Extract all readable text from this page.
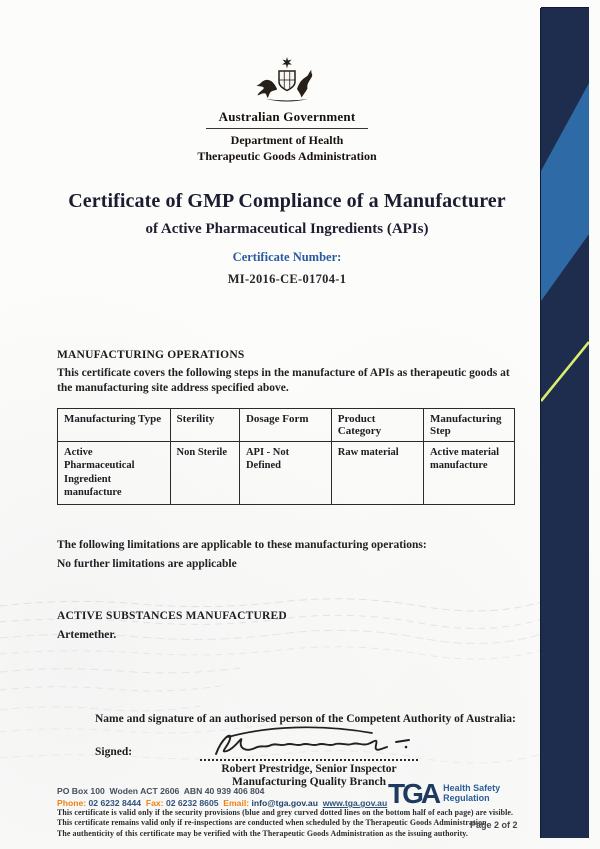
Australian Government
Department of Health
Therapeutic Goods Administration
Certificate of GMP Compliance of a Manufacturer
of Active Pharmaceutical Ingredients (APIs)
Certificate Number:
MI-2016-CE-01704-1
MANUFACTURING OPERATIONS
This certificate covers the following steps in the manufacture of APIs as therapeutic goods at the manufacturing site address specified above.
Manufacturing Type	Sterility	Dosage Form	Product Category	Manufacturing Step
Active Pharmaceutical Ingredient manufacture	Non Sterile	API - Not Defined	Raw material	Active material manufacture
The following limitations are applicable to these manufacturing operations:
No further limitations are applicable
ACTIVE SUBSTANCES MANUFACTURED
Artemether.
Name and signature of an authorised person of the Competent Authority of Australia:
Signed:
Robert Prestridge, Senior Inspector
Manufacturing Quality Branch
This certificate is valid only if the security provisions (blue and grey curved dotted lines on the bottom half of each page) are visible.
This certificate remains valid only if re-inspections are conducted when scheduled by the Therapeutic Goods Administration.
The authenticity of this certificate may be verified with the Therapeutic Goods Administration as the issuing authority.
PO Box 100  Woden ACT 2606  ABN 40 939 406 804
Phone: 02 6232 8444 Fax: 02 6232 8605 Email: info@tga.gov.au www.tga.gov.au TGA Health Safety
Regulation
Page 2 of 2
